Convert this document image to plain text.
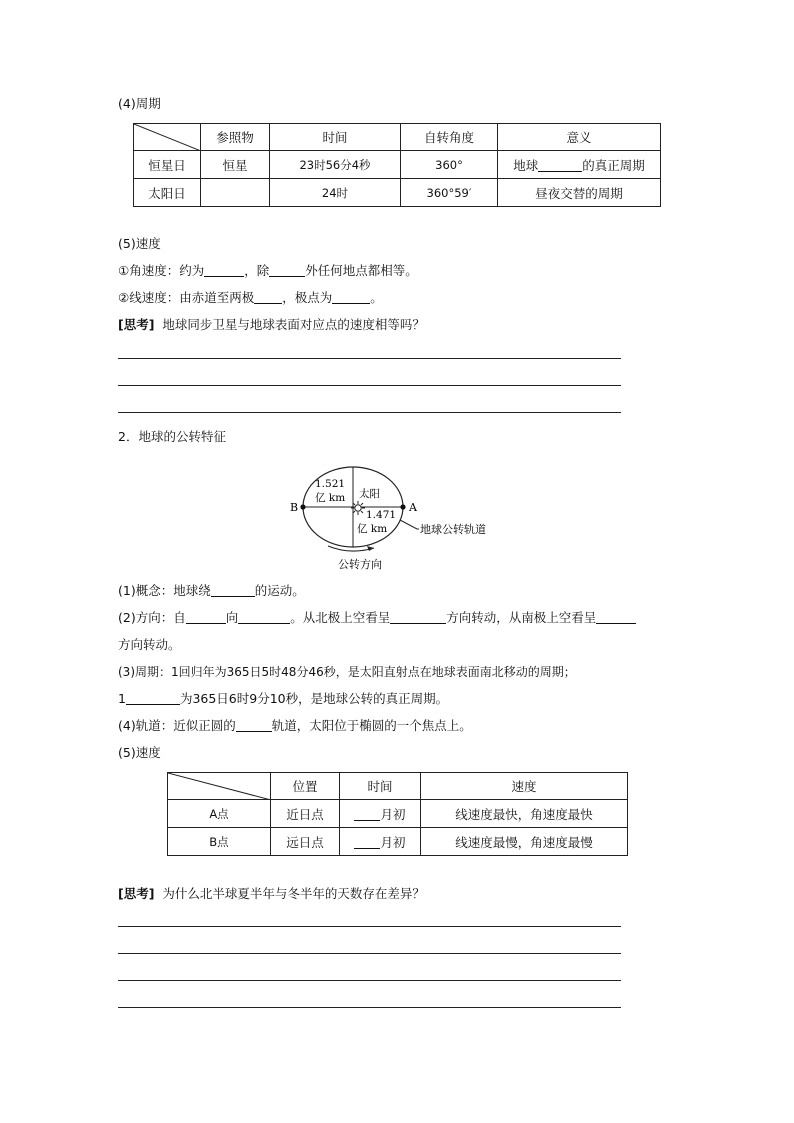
(4)周期
	参照物	时间	自转角度	意义
恒星日	恒星	23时56分4秒	360°	地球 的真正周期
太阳日		24时	360°59′	昼夜交替的周期
(5)速度
①角速度：约为	，除	外任何地点都相等。
②线速度：由赤道至两极 ，极点为	。
[思考] 地球同步卫星与地球表面对应点的速度相等吗？
2．地球的公转特征
B	A
1.521
亿 km 太阳
1.471
亿 km	地球公转轨道
公转方向
(1)概念：地球绕	的运动。
(2)方向：自	向	。从北极上空看呈	方向转动，从南极上空看呈
方向转动。
(3)周期：1回归年为365日5时48分46秒，是太阳直射点在地球表面南北移动的周期；
1	为365日6时9分10秒，是地球公转的真正周期。
(4)轨道：近似正圆的	轨道，太阳位于椭圆的一个焦点上。
(5)速度
	位置	时间	速度
A点	近日点	月初	线速度最快，角速度最快
B点	远日点	月初	线速度最慢，角速度最慢
[思考] 为什么北半球夏半年与冬半年的天数存在差异？
